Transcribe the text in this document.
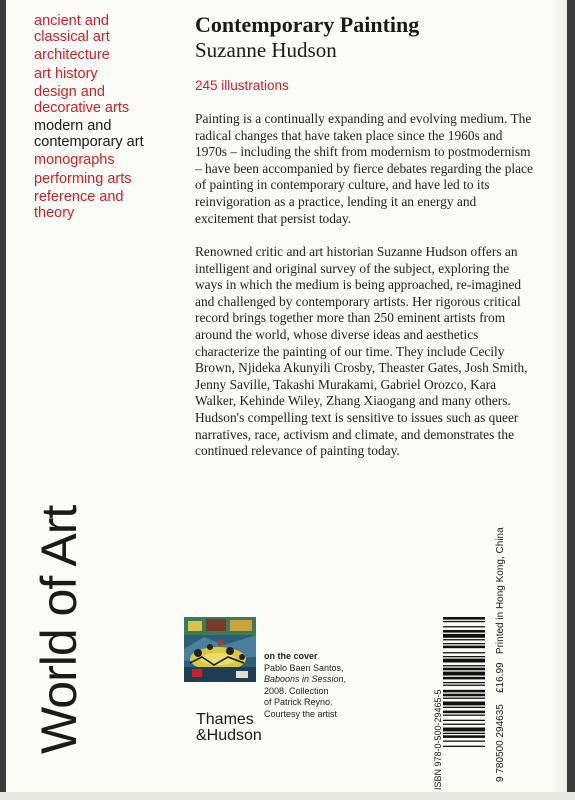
ancient and
classical art
architecture
art history
design and
decorative arts
modern and
contemporary art
monographs
performing arts
reference and
theory
World of Art
Contemporary Painting
Suzanne Hudson
245 illustrations

Painting is a continually expanding and evolving medium. The radical changes that have taken place since the 1960s and 1970s – including the shift from modernism to postmodernism – have been accompanied by fierce debates regarding the place of painting in contemporary culture, and have led to its reinvigoration as a practice, lending it an energy and excitement that persist today.

Renowned critic and art historian Suzanne Hudson offers an intelligent and original survey of the subject, exploring the ways in which the medium is being approached, re-imagined and challenged by contemporary artists. Her rigorous critical record brings together more than 250 eminent artists from around the world, whose diverse ideas and aesthetics characterize the painting of our time. They include Cecily Brown, Njideka Akunyili Crosby, Theaster Gates, Josh Smith, Jenny Saville, Takashi Murakami, Gabriel Orozco, Kara Walker, Kehinde Wiley, Zhang Xiaogang and many others. Hudson's compelling text is sensitive to issues such as queer narratives, race, activism and climate, and demonstrates the continued relevance of painting today.

on the cover
Pablo Baen Santos,
Baboons in Session,
2008. Collection
of Patrick Reyno.
Courtesy the artist
Thames
&Hudson	ISBN 978-0-500-29465-5	9 780500 294635    £16.99   Printed in Hong Kong, China
